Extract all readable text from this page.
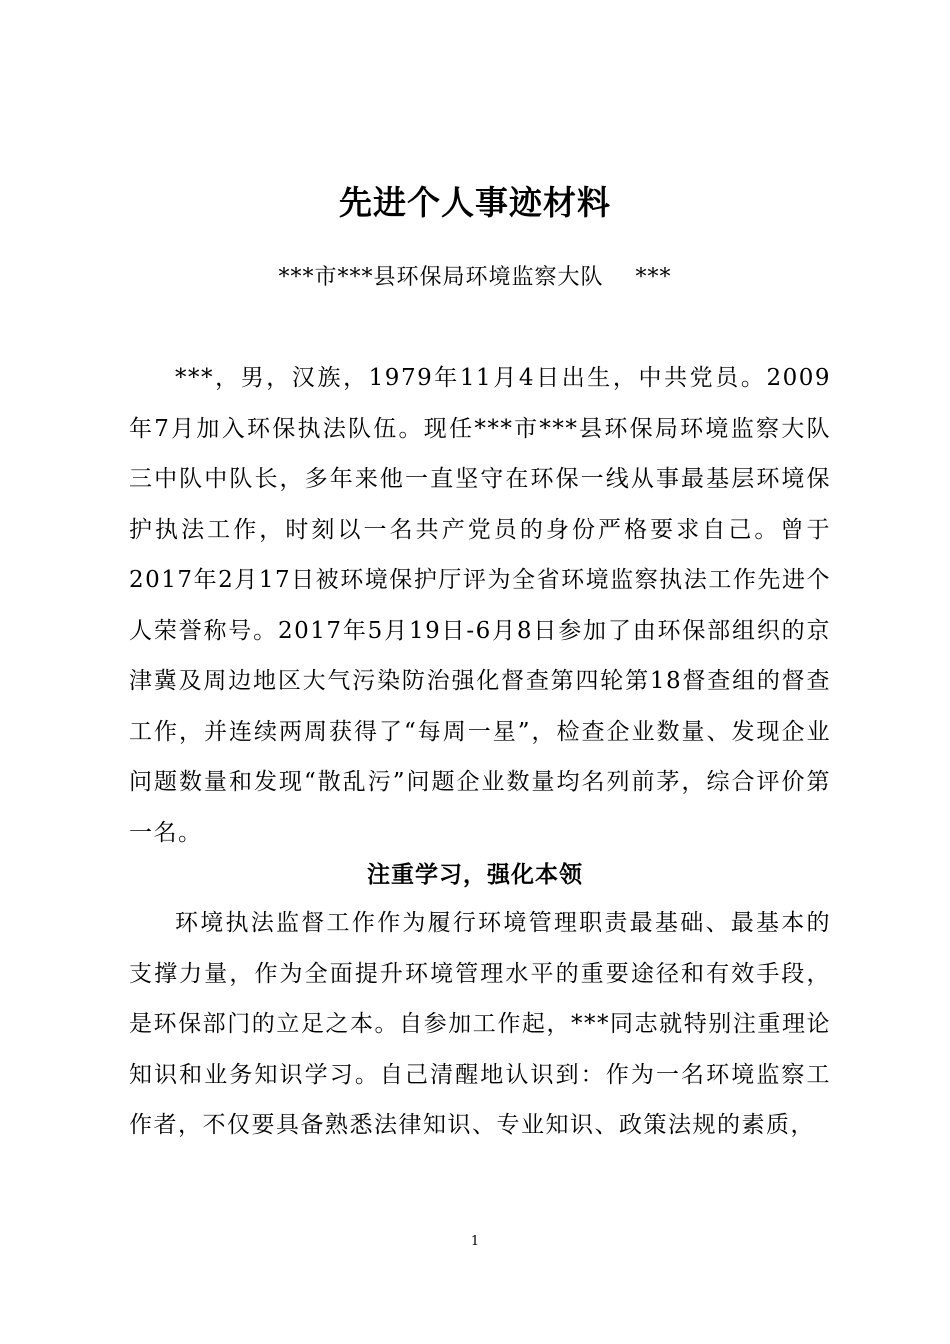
先进个人事迹材料
***市***县环保局环境监察大队    ***

***，男，汉族，1979年11月4日出生，中共党员。2009年7月加入环保执法队伍。现任***市***县环保局环境监察大队三中队中队长，多年来他一直坚守在环保一线从事最基层环境保护执法工作，时刻以一名共产党员的身份严格要求自己。曾于2017年2月17日被环境保护厅评为全省环境监察执法工作先进个人荣誉称号。2017年5月19日-6月8日参加了由环保部组织的京津冀及周边地区大气污染防治强化督查第四轮第18督查组的督查工作，并连续两周获得了“每周一星”，检查企业数量、发现企业问题数量和发现“散乱污”问题企业数量均名列前茅，综合评价第一名。

注重学习，强化本领

环境执法监督工作作为履行环境管理职责最基础、最基本的支撑力量，作为全面提升环境管理水平的重要途径和有效手段，是环保部门的立足之本。自参加工作起，***同志就特别注重理论知识和业务知识学习。自己清醒地认识到：作为一名环境监察工作者，不仅要具备熟悉法律知识、专业知识、政策法规的素质，

1
